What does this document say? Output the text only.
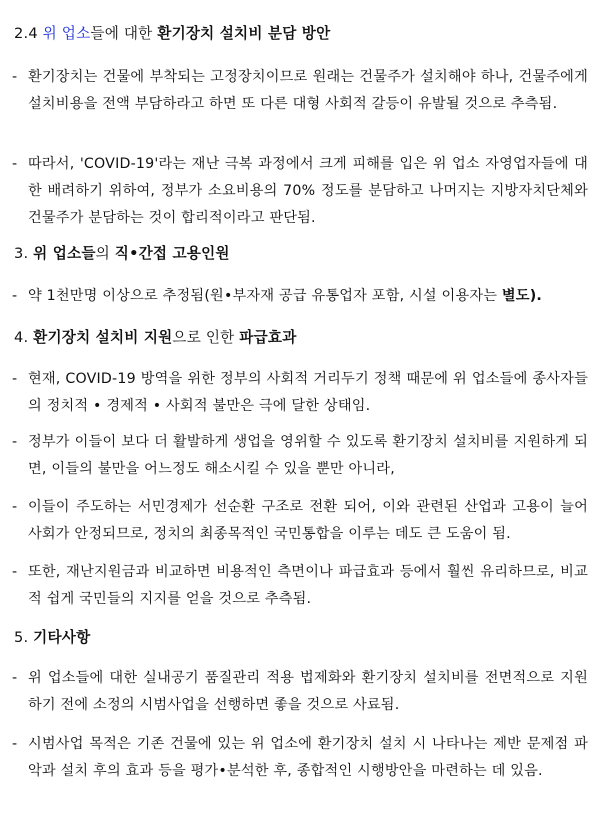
2.4 위 업소들에 대한 환기장치 설치비 분담 방안
- 환기장치는 건물에 부착되는 고정장치이므로 원래는 건물주가 설치해야 하나, 건물주에게 설치비용을 전액 부담하라고 하면 또 다른 대형 사회적 갈등이 유발될 것으로 추측됨.
- 따라서, 'COVID-19'라는 재난 극복 과정에서 크게 피해를 입은 위 업소 자영업자들에 대한 배려하기 위하여, 정부가 소요비용의 70% 정도를 분담하고 나머지는 지방자치단체와 건물주가 분담하는 것이 합리적이라고 판단됨.
3. 위 업소들의 직•간접 고용인원
- 약 1천만명 이상으로 추정됨(원•부자재 공급 유통업자 포함, 시설 이용자는 별도).
4. 환기장치 설치비 지원으로 인한 파급효과
- 현재, COVID-19 방역을 위한 정부의 사회적 거리두기 정책 때문에 위 업소들에 종사자들의 정치적 • 경제적 • 사회적 불만은 극에 달한 상태임.
- 정부가 이들이 보다 더 활발하게 생업을 영위할 수 있도록 환기장치 설치비를 지원하게 되면, 이들의 불만을 어느정도 해소시킬 수 있을 뿐만 아니라,
- 이들이 주도하는 서민경제가 선순환 구조로 전환 되어, 이와 관련된 산업과 고용이 늘어 사회가 안정되므로, 정치의 최종목적인 국민통합을 이루는 데도 큰 도움이 됨.
- 또한, 재난지원금과 비교하면 비용적인 측면이나 파급효과 등에서 훨씬 유리하므로, 비교적 쉽게 국민들의 지지를 얻을 것으로 추측됨.
5. 기타사항
- 위 업소들에 대한 실내공기 품질관리 적용 법제화와 환기장치 설치비를 전면적으로 지원하기 전에 소정의 시범사업을 선행하면 좋을 것으로 사료됨.
- 시범사업 목적은 기존 건물에 있는 위 업소에 환기장치 설치 시 나타나는 제반 문제점 파악과 설치 후의 효과 등을 평가•분석한 후, 종합적인 시행방안을 마련하는 데 있음.
